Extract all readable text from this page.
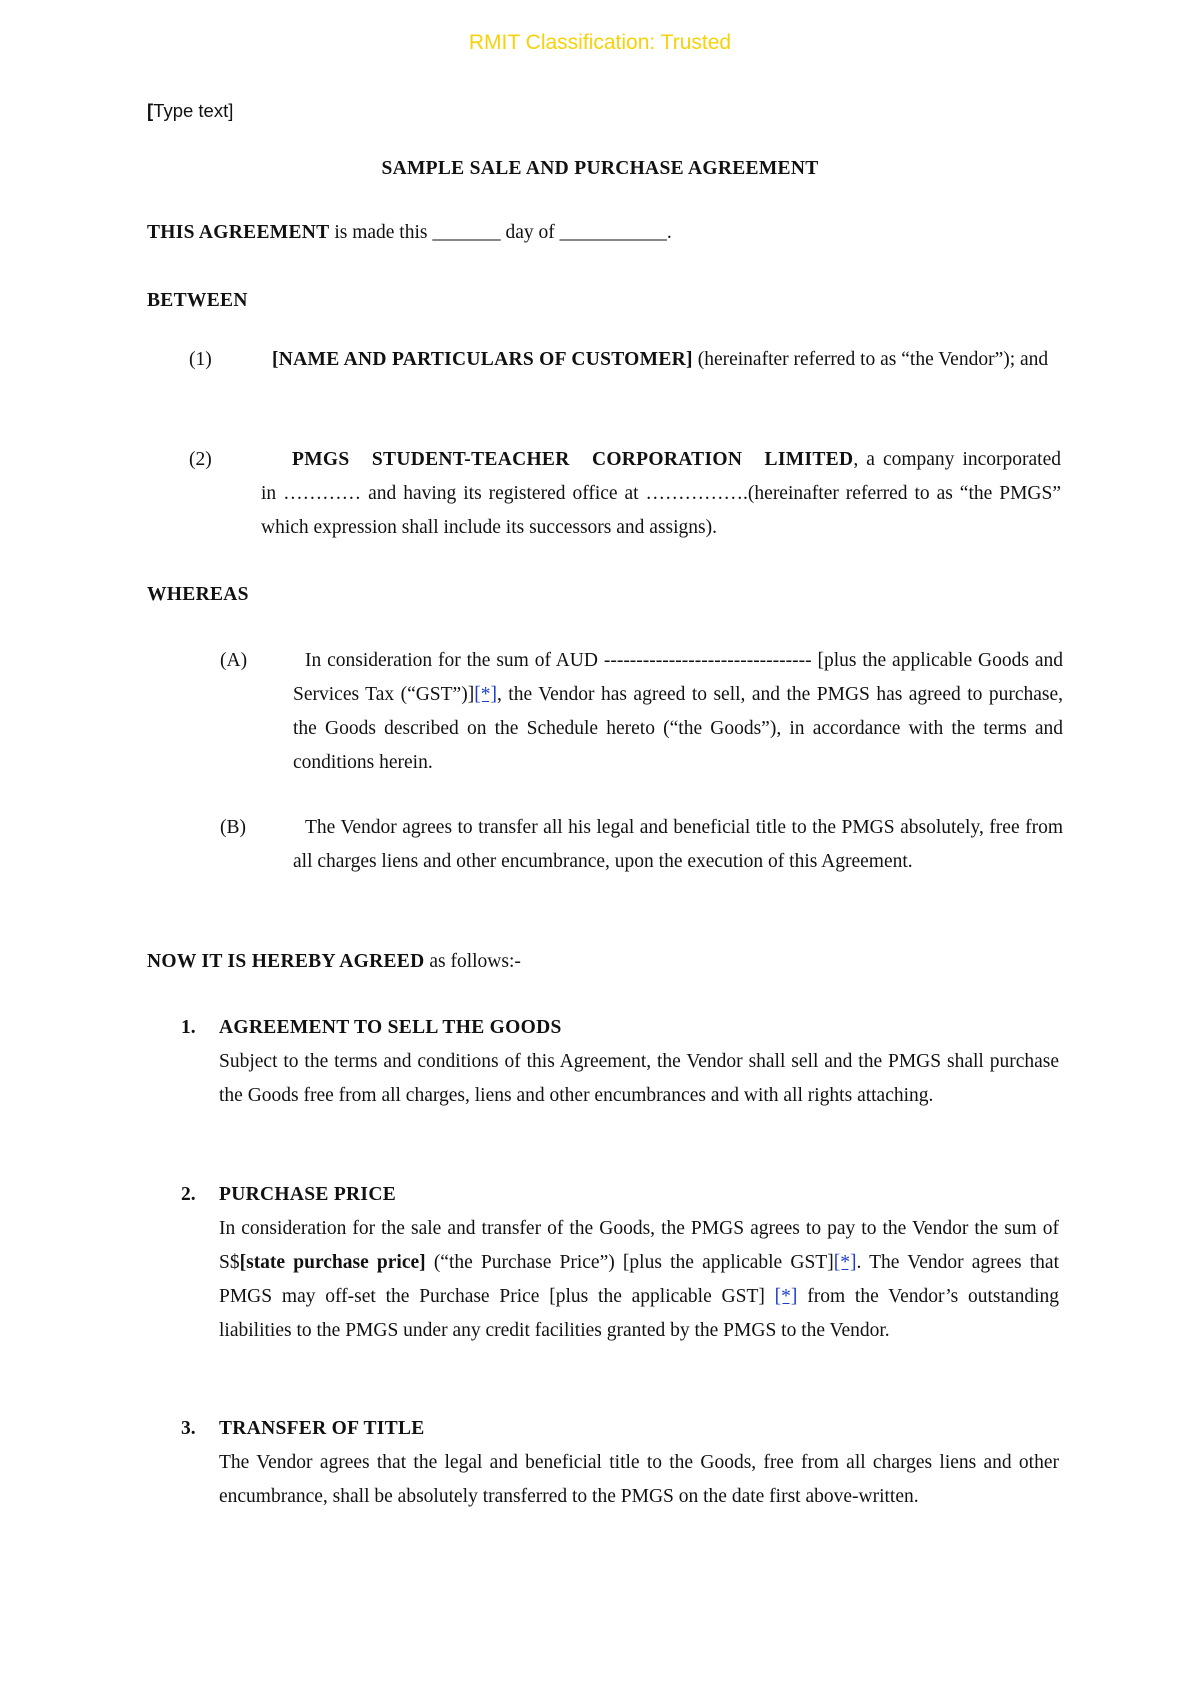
RMIT Classification: Trusted
[Type text]
SAMPLE SALE AND PURCHASE AGREEMENT
THIS AGREEMENT is made this _______ day of ___________.
BETWEEN
(1)	[NAME AND PARTICULARS OF CUSTOMER] (hereinafter referred to as “the Vendor”); and
(2)	PMGS STUDENT-TEACHER CORPORATION LIMITED, a company incorporated in ………… and having its registered office at …………….(hereinafter referred to as “the PMGS” which expression shall include its successors and assigns).
WHEREAS
(A)	In consideration for the sum of AUD -------------------------------- [plus the applicable Goods and Services Tax (“GST”)][*], the Vendor has agreed to sell, and the PMGS has agreed to purchase, the Goods described on the Schedule hereto (“the Goods”), in accordance with the terms and conditions herein.
(B)	The Vendor agrees to transfer all his legal and beneficial title to the PMGS absolutely, free from all charges liens and other encumbrance, upon the execution of this Agreement.
NOW IT IS HEREBY AGREED as follows:-
1. AGREEMENT TO SELL THE GOODS
Subject to the terms and conditions of this Agreement, the Vendor shall sell and the PMGS shall purchase the Goods free from all charges, liens and other encumbrances and with all rights attaching.
2. PURCHASE PRICE
In consideration for the sale and transfer of the Goods, the PMGS agrees to pay to the Vendor the sum of S$[state purchase price] (“the Purchase Price”) [plus the applicable GST][*]. The Vendor agrees that PMGS may off-set the Purchase Price [plus the applicable GST] [*] from the Vendor’s outstanding liabilities to the PMGS under any credit facilities granted by the PMGS to the Vendor.
3. TRANSFER OF TITLE
The Vendor agrees that the legal and beneficial title to the Goods, free from all charges liens and other encumbrance, shall be absolutely transferred to the PMGS on the date first above-written.
